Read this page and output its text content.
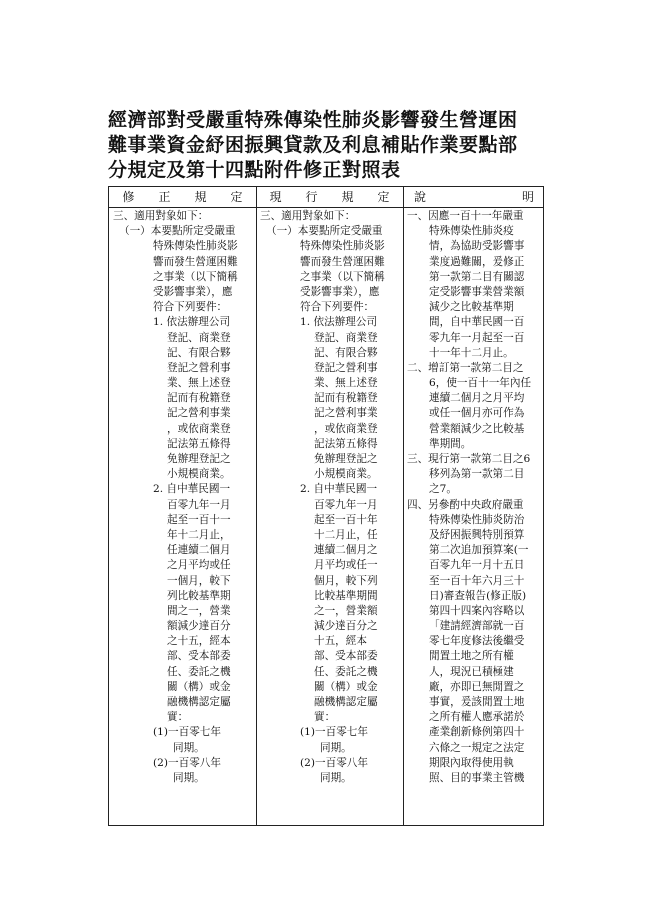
經濟部對受嚴重特殊傳染性肺炎影響發生營運困
難事業資金紓困振興貸款及利息補貼作業要點部
分規定及第十四點附件修正對照表
修　　正　　規　　定	現　　行　　規　　定	說　　　　　　　　明
三、適用對象如下：
（一）本要點所定受嚴重
特殊傳染性肺炎影
響而發生營運困難
之事業（以下簡稱
受影響事業），應
符合下列要件：
1. 依法辦理公司
登記、商業登
記、有限合夥
登記之營利事
業、無上述登
記而有稅籍登
記之營利事業
，或依商業登
記法第五條得
免辦理登記之
小規模商業。
2. 自中華民國一
百零九年一月
起至一百十一
年十二月止，
任連續二個月
之月平均或任
一個月，較下
列比較基準期
間之一，營業
額減少達百分
之十五，經本
部、受本部委
任、委託之機
關（構）或金
融機構認定屬
實：
(1)一百零七年
同期。
(2)一百零八年
同期。
三、適用對象如下：
（一）本要點所定受嚴重
特殊傳染性肺炎影
響而發生營運困難
之事業（以下簡稱
受影響事業），應
符合下列要件：
1. 依法辦理公司
登記、商業登
記、有限合夥
登記之營利事
業、無上述登
記而有稅籍登
記之營利事業
，或依商業登
記法第五條得
免辦理登記之
小規模商業。
2. 自中華民國一
百零九年一月
起至一百十年
十二月止，任
連續二個月之
月平均或任一
個月，較下列
比較基準期間
之一，營業額
減少達百分之
十五，經本
部、受本部委
任、委託之機
關（構）或金
融機構認定屬
實：
(1)一百零七年
同期。
(2)一百零八年
同期。
一、因應一百十一年嚴重
特殊傳染性肺炎疫
情，為協助受影響事
業度過難關，爰修正
第一款第二目有關認
定受影響事業營業額
減少之比較基準期
間，自中華民國一百
零九年一月起至一百
十一年十二月止。
二、增訂第一款第二目之
6，使一百十一年內任
連續二個月之月平均
或任一個月亦可作為
營業額減少之比較基
準期間。
三、現行第一款第二目之6
移列為第一款第二目
之7。
四、另參酌中央政府嚴重
特殊傳染性肺炎防治
及紓困振興特別預算
第二次追加預算案(一
百零九年一月十五日
至一百十年六月三十
日)審查報告(修正版)
第四十四案內容略以
「建請經濟部就一百
零七年度修法後繼受
閒置土地之所有權
人，現況已積極建
廠，亦即已無閒置之
事實，爰該閒置土地
之所有權人應承諾於
產業創新條例第四十
六條之一規定之法定
期限內取得使用執
照、目的事業主管機
